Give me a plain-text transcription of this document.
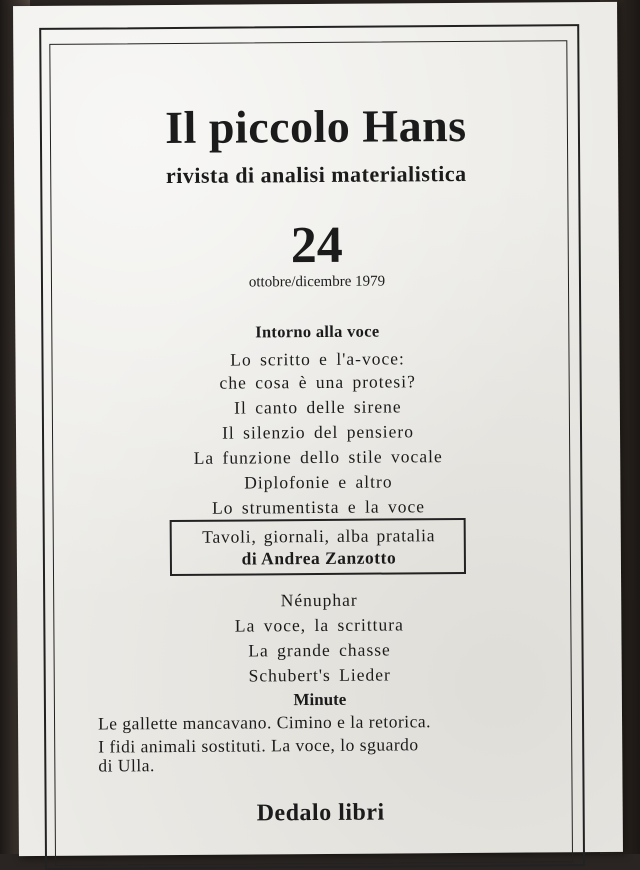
Il piccolo Hans
rivista di analisi materialistica
24
ottobre/dicembre 1979
Intorno alla voce
Lo scritto e l'a-voce:
che cosa è una protesi?
Il canto delle sirene
Il silenzio del pensiero
La funzione dello stile vocale
Diplofonie e altro
Lo strumentista e la voce
Tavoli, giornali, alba pratalia
di Andrea Zanzotto
Nénuphar
La voce, la scrittura
La grande chasse
Schubert's Lieder
Minute
Le gallette mancavano. Cimino e la retorica.
I fidi animali sostituti. La voce, lo sguardo
di Ulla.
Dedalo libri
